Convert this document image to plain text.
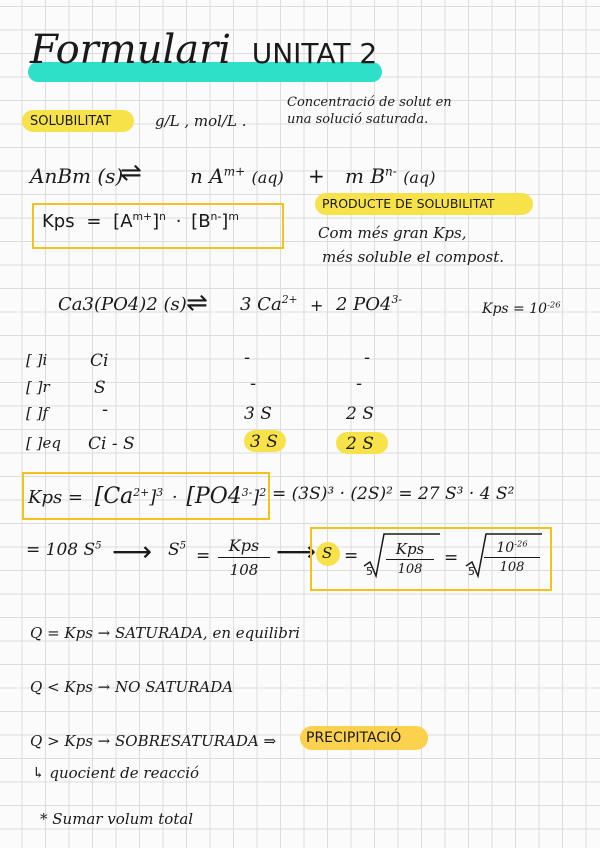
Formulari UNITAT 2
SOLUBILITAT	g/L , mol/L .
Concentració de solut en
una solució saturada.
AnBm (s)
⇌ n $A^{m+}$ (aq) + m $B^{n-}$ (aq)
Kps = $[A^{m+}]^n \cdot [B^{n-}]^m$
PRODUCTE DE SOLUBILITAT
Com més gran Kps,
més soluble el compost.
Ca3(PO4)2 (s) ⇌ 3 $Ca^{2+} + 2$ $PO4^{3-}$
Kps = $10^{-26}$
[ ]i	Ci	-	-
[ ]r	S	-	-
[ ]f	-	3 S	2 S
[ ]eq Ci - S	3 S	2 S
Kps = $[Ca^{2+}]^3 \cdot [PO4^{3-}]^2 = (3S)^3 \cdot (2S)^2 = 27$ S³ · 4 S²
= 108 $S^5$ ⟶ $S^5$
=
Kps
108
⟶ S =
5
Kps
108
=
$5 \frac{10^{-26}}{108}$
Q = Kps → SATURADA, en equilibri
Q < Kps → NO SATURADA
Q > Kps → SOBRESATURADA ⇒ PRECIPITACIÓ
↳ quocient de reacció
* Sumar volum total
